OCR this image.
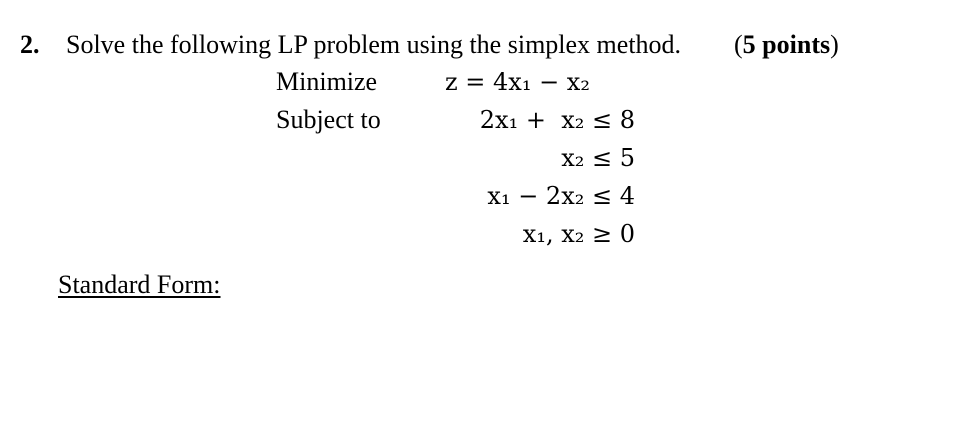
2. Solve the following LP problem using the simplex method. (5 points)
Minimize	z = 4x₁ − x₂
Subject to	2x₁ +  x₂ ≤ 8
x₂ ≤ 5
x₁ − 2x₂ ≤ 4
x₁, x₂ ≥ 0
Standard Form:
